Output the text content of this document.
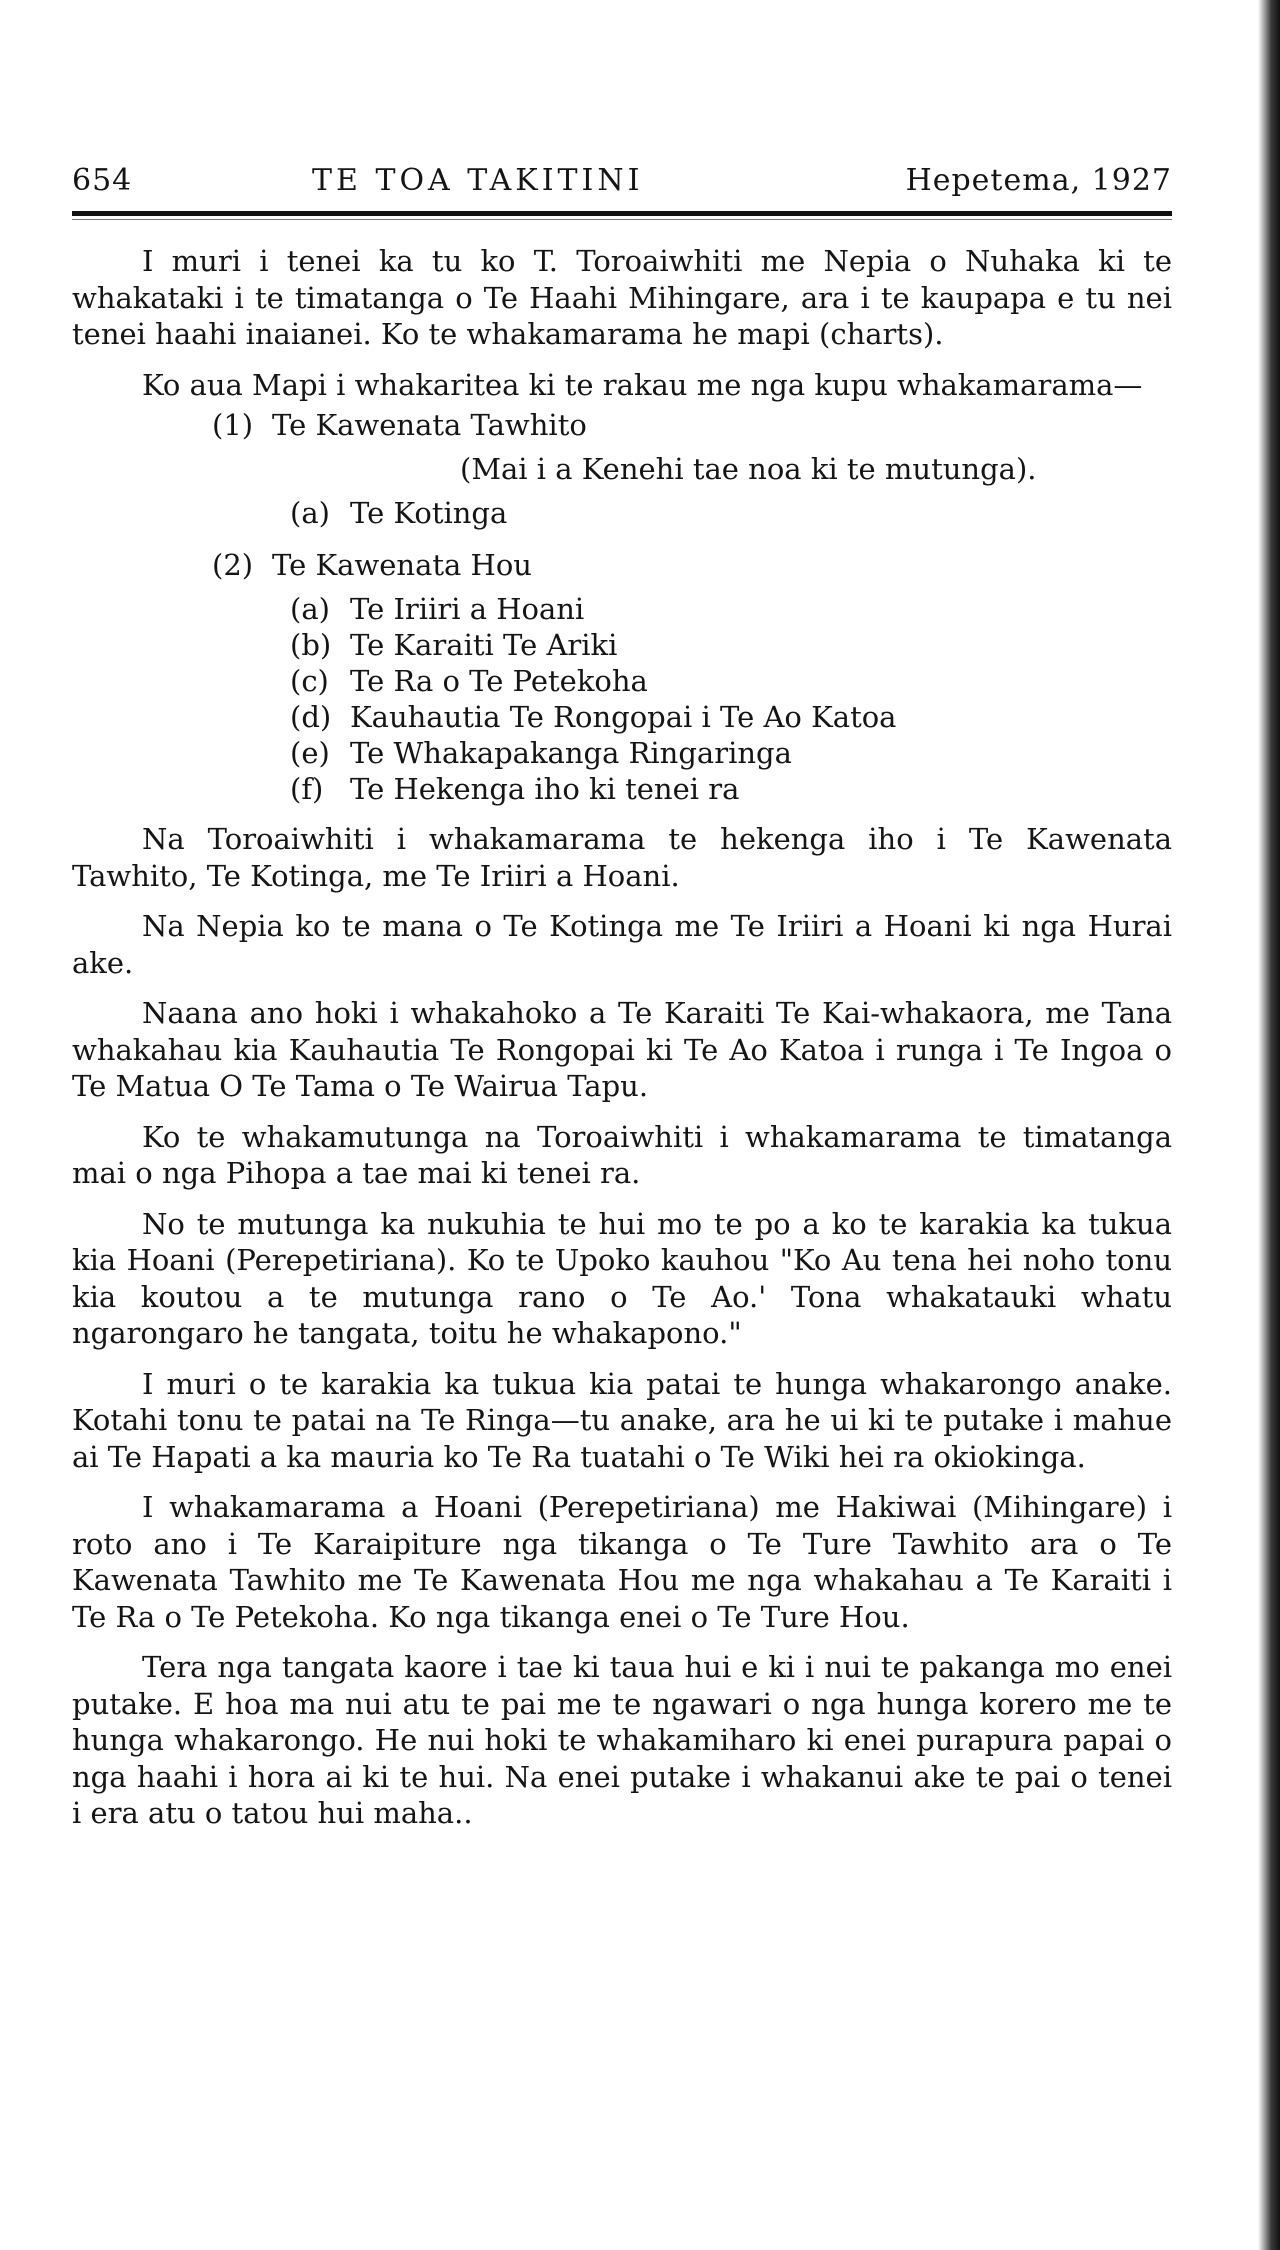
654	TE TOA TAKITINI	Hepetema, 1927

I muri i tenei ka tu ko T. Toroaiwhiti me Nepia o Nuhaka ki te whakataki i te timatanga o Te Haahi Mihingare, ara i te kaupapa e tu nei tenei haahi inaianei. Ko te whakamarama he mapi (charts).

Ko aua Mapi i whakaritea ki te rakau me nga kupu whakamarama—

(1) Te Kawenata Tawhito
(Mai i a Kenehi tae noa ki te mutunga).
(a) Te Kotinga
(2) Te Kawenata Hou
(a) Te Iriiri a Hoani
(b) Te Karaiti Te Ariki
(c) Te Ra o Te Petekoha
(d) Kauhautia Te Rongopai i Te Ao Katoa
(e) Te Whakapakanga Ringaringa
(f) Te Hekenga iho ki tenei ra

Na Toroaiwhiti i whakamarama te hekenga iho i Te Kawenata Tawhito, Te Kotinga, me Te Iriiri a Hoani.

Na Nepia ko te mana o Te Kotinga me Te Iriiri a Hoani ki nga Hurai ake.

Naana ano hoki i whakahoko a Te Karaiti Te Kai-whakaora, me Tana whakahau kia Kauhautia Te Rongopai ki Te Ao Katoa i runga i Te Ingoa o Te Matua O Te Tama o Te Wairua Tapu.

Ko te whakamutunga na Toroaiwhiti i whakamarama te timatanga mai o nga Pihopa a tae mai ki tenei ra.

No te mutunga ka nukuhia te hui mo te po a ko te karakia ka tukua kia Hoani (Perepetiriana). Ko te Upoko kauhou "Ko Au tena hei noho tonu kia koutou a te mutunga rano o Te Ao.' Tona whakatauki whatu ngarongaro he tangata, toitu he whakapono."

I muri o te karakia ka tukua kia patai te hunga whakarongo anake. Kotahi tonu te patai na Te Ringa—tu anake, ara he ui ki te putake i mahue ai Te Hapati a ka mauria ko Te Ra tuatahi o Te Wiki hei ra okiokinga.

I whakamarama a Hoani (Perepetiriana) me Hakiwai (Mihingare) i roto ano i Te Karaipiture nga tikanga o Te Ture Tawhito ara o Te Kawenata Tawhito me Te Kawenata Hou me nga whakahau a Te Karaiti i Te Ra o Te Petekoha. Ko nga tikanga enei o Te Ture Hou.

Tera nga tangata kaore i tae ki taua hui e ki i nui te pakanga mo enei putake. E hoa ma nui atu te pai me te ngawari o nga hunga korero me te hunga whakarongo. He nui hoki te whakamiharo ki enei purapura papai o nga haahi i hora ai ki te hui. Na enei putake i whakanui ake te pai o tenei i era atu o tatou hui maha..
